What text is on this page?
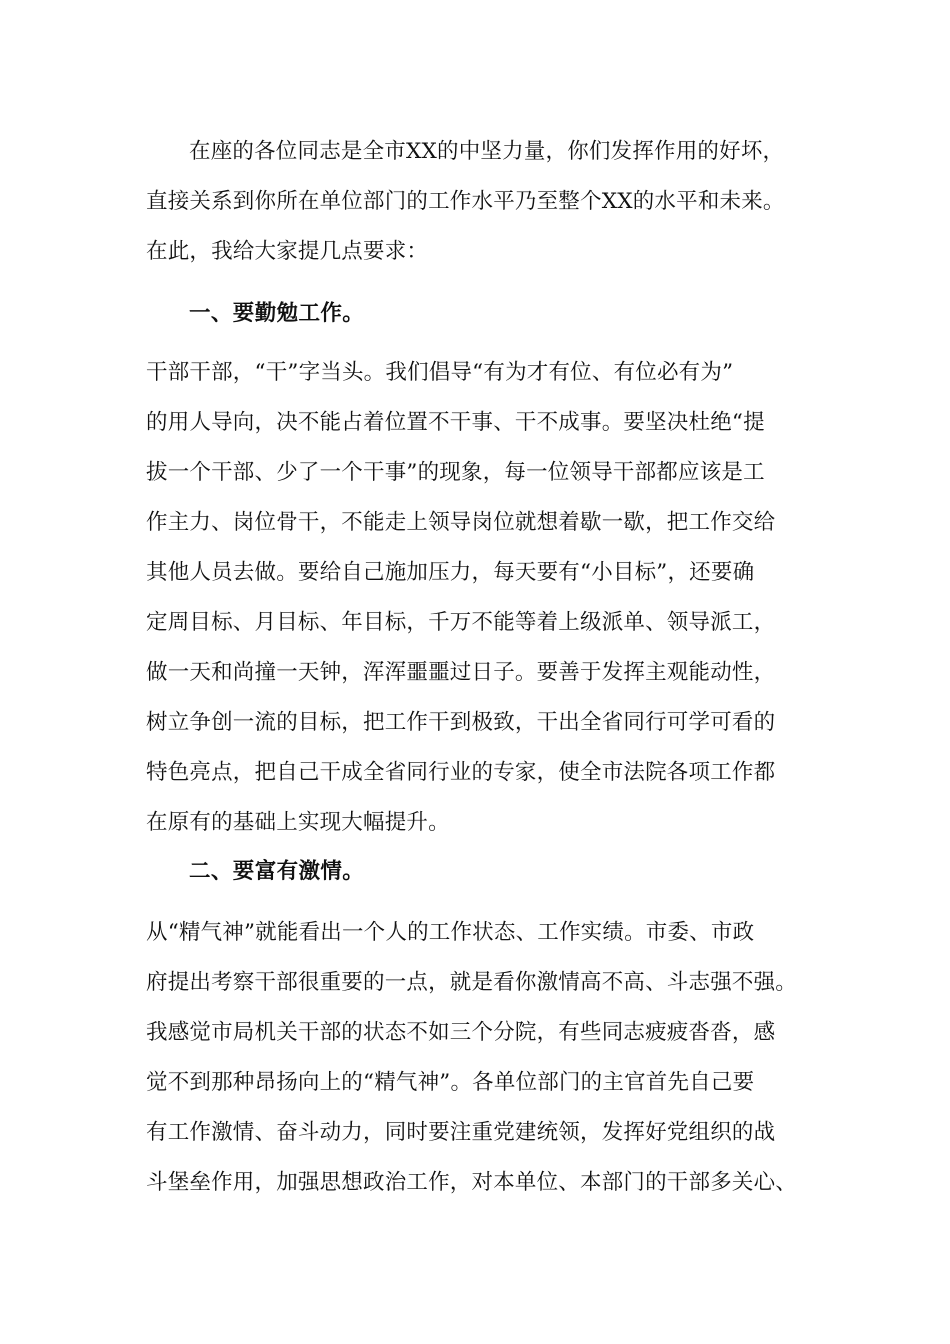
在座的各位同志是全市XX的中坚力量，你们发挥作用的好坏，
直接关系到你所在单位部门的工作水平乃至整个XX的水平和未来。
在此，我给大家提几点要求：
一、要勤勉工作。
干部干部，“干”字当头。我们倡导“有为才有位、有位必有为”
的用人导向，决不能占着位置不干事、干不成事。要坚决杜绝“提
拔一个干部、少了一个干事”的现象，每一位领导干部都应该是工
作主力、岗位骨干，不能走上领导岗位就想着歇一歇，把工作交给
其他人员去做。要给自己施加压力，每天要有“小目标”，还要确
定周目标、月目标、年目标，千万不能等着上级派单、领导派工，
做一天和尚撞一天钟，浑浑噩噩过日子。要善于发挥主观能动性，
树立争创一流的目标，把工作干到极致，干出全省同行可学可看的
特色亮点，把自己干成全省同行业的专家，使全市法院各项工作都
在原有的基础上实现大幅提升。
二、要富有激情。
从“精气神”就能看出一个人的工作状态、工作实绩。市委、市政
府提出考察干部很重要的一点，就是看你激情高不高、斗志强不强。
我感觉市局机关干部的状态不如三个分院，有些同志疲疲沓沓，感
觉不到那种昂扬向上的“精气神”。各单位部门的主官首先自己要
有工作激情、奋斗动力，同时要注重党建统领，发挥好党组织的战
斗堡垒作用，加强思想政治工作，对本单位、本部门的干部多关心、
